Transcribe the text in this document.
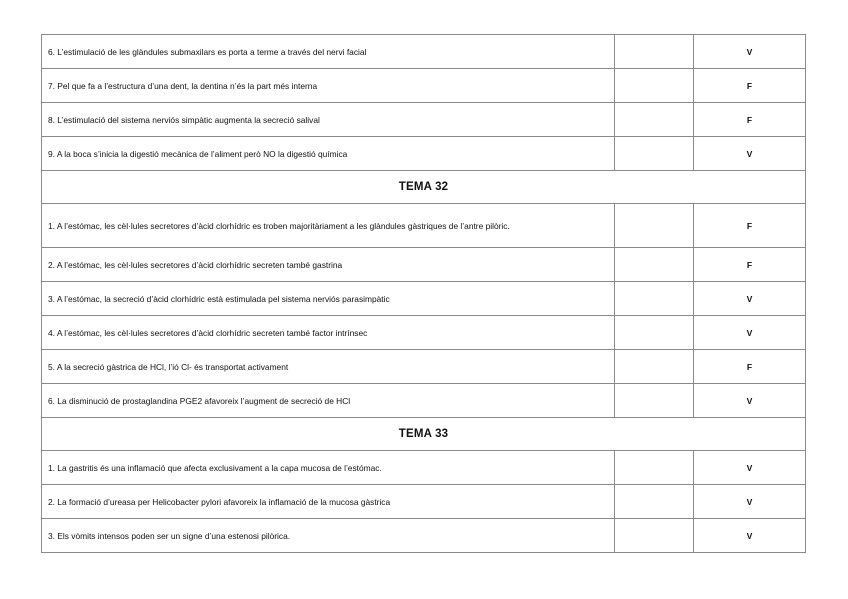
6. L’estimulació de les glàndules submaxilars es porta a terme a través del nervi facial		V
7. Pel que fa a l’estructura d’una dent, la dentina n’és la part més interna		F
8. L’estimulació del sistema nerviós simpàtic augmenta la secreció salival		F
9. A la boca s’inicia la digestió mecànica de l’aliment però NO la digestió química		V
TEMA 32		
1. A l’estómac, les cèl·lules secretores d’àcid clorhídric es troben majoritàriament a les glàndules gàstriques de l’antre pilòric.		F
2. A l’estómac, les cèl·lules secretores d’àcid clorhídric secreten també gastrina		F
3. A l’estómac, la secreció d’àcid clorhídric està estimulada pel sistema nerviós parasimpàtic		V
4. A l’estómac, les cèl·lules secretores d’àcid clorhídric secreten també factor intrínsec		V
5. A la secreció gàstrica de HCl, l’ió Cl- és transportat activament		F
6. La disminució de prostaglandina PGE2 afavoreix l’augment de secreció de HCl		V
TEMA 33		
1. La gastritis és una inflamació que afecta exclusivament a la capa mucosa de l’estómac.		V
2. La formació d’ureasa per Helicobacter pylori afavoreix la inflamació de la mucosa gàstrica		V
3. Els vòmits intensos poden ser un signe d’una estenosi pilòrica.		V
